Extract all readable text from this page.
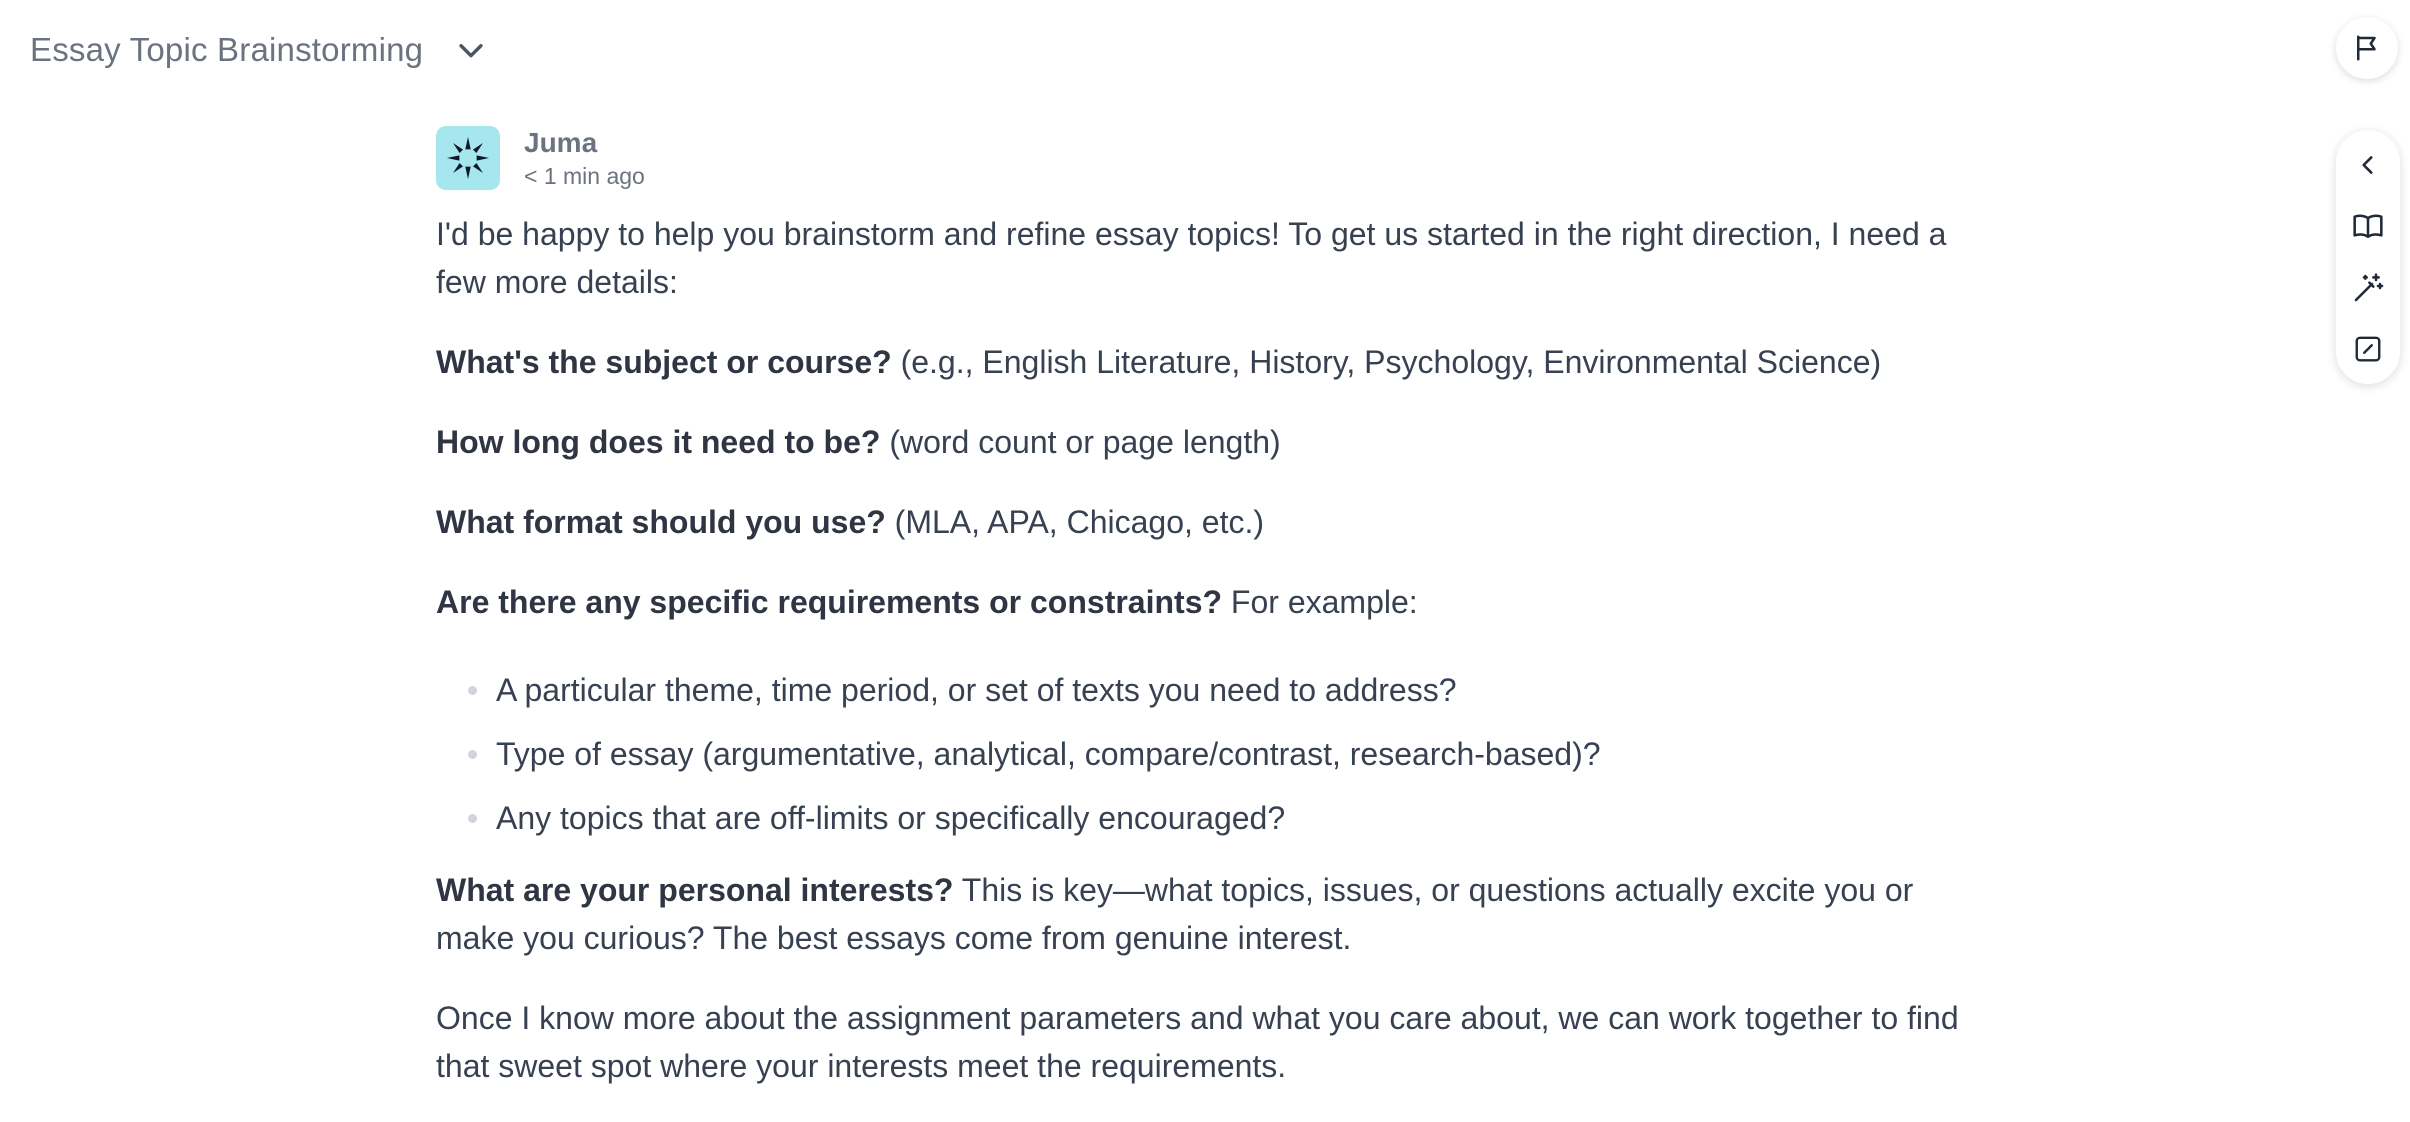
Essay Topic Brainstorming
Juma
< 1 min ago

I'd be happy to help you brainstorm and refine essay topics! To get us started in the right direction, I need a few more details:

What's the subject or course? (e.g., English Literature, History, Psychology, Environmental Science)

How long does it need to be? (word count or page length)

What format should you use? (MLA, APA, Chicago, etc.)

Are there any specific requirements or constraints? For example:

A particular theme, time period, or set of texts you need to address?
Type of essay (argumentative, analytical, compare/contrast, research-based)?
Any topics that are off-limits or specifically encouraged?

What are your personal interests? This is key—what topics, issues, or questions actually excite you or make you curious? The best essays come from genuine interest.

Once I know more about the assignment parameters and what you care about, we can work together to find that sweet spot where your interests meet the requirements.
